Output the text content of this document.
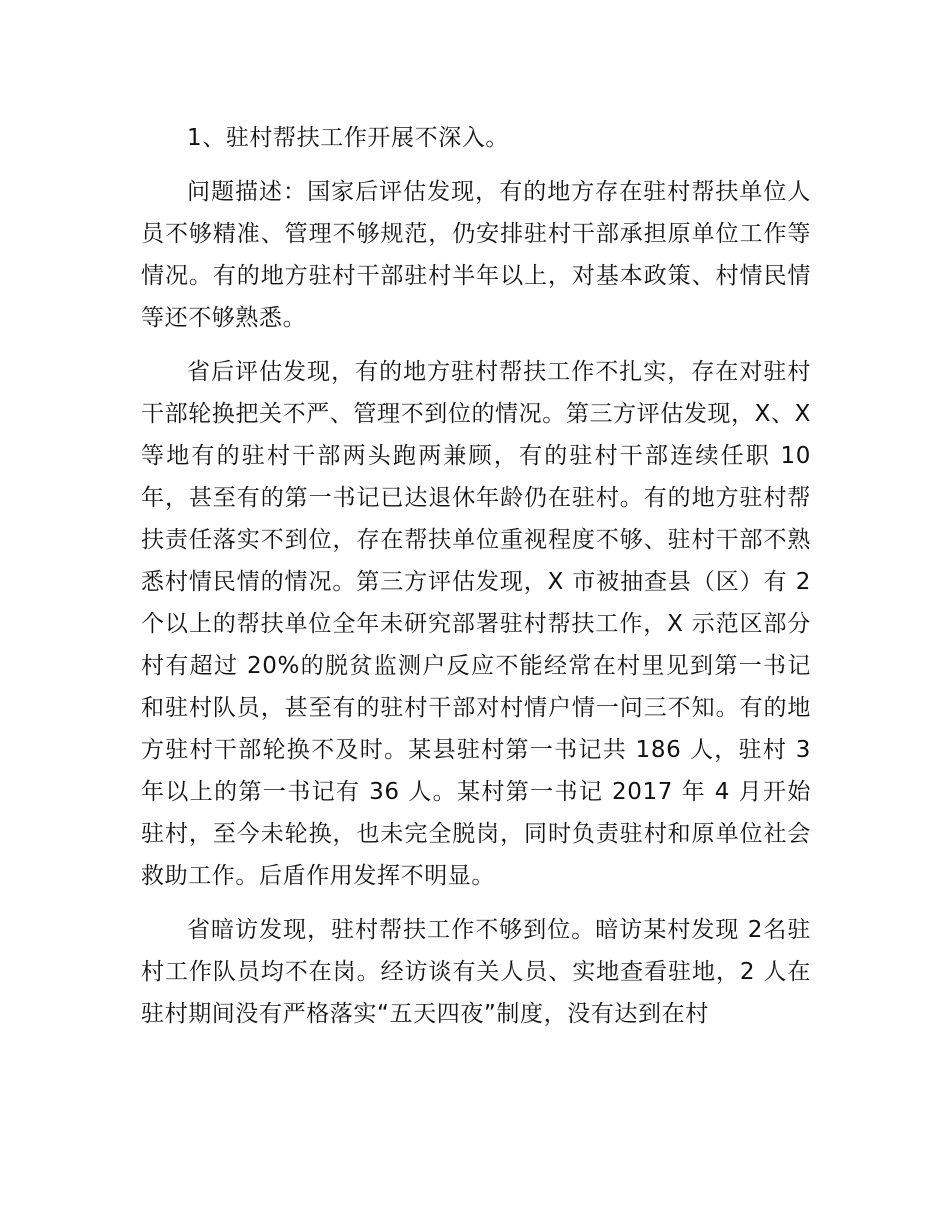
1、驻村帮扶工作开展不深入。

问题描述：国家后评估发现，有的地方存在驻村帮扶单位人员不够精准、管理不够规范，仍安排驻村干部承担原单位工作等情况。有的地方驻村干部驻村半年以上，对基本政策、村情民情等还不够熟悉。

省后评估发现，有的地方驻村帮扶工作不扎实，存在对驻村干部轮换把关不严、管理不到位的情况。第三方评估发现，X、X 等地有的驻村干部两头跑两兼顾，有的驻村干部连续任职 10 年，甚至有的第一书记已达退休年龄仍在驻村。有的地方驻村帮扶责任落实不到位，存在帮扶单位重视程度不够、驻村干部不熟悉村情民情的情况。第三方评估发现，X 市被抽查县（区）有 2 个以上的帮扶单位全年未研究部署驻村帮扶工作，X 示范区部分村有超过 20%的脱贫监测户反应不能经常在村里见到第一书记和驻村队员，甚至有的驻村干部对村情户情一问三不知。有的地方驻村干部轮换不及时。某县驻村第一书记共 186 人，驻村 3 年以上的第一书记有 36 人。某村第一书记 2017 年 4 月开始驻村，至今未轮换，也未完全脱岗，同时负责驻村和原单位社会救助工作。后盾作用发挥不明显。

省暗访发现，驻村帮扶工作不够到位。暗访某村发现 2名驻村工作队员均不在岗。经访谈有关人员、实地查看驻地，2 人在驻村期间没有严格落实“五天四夜”制度，没有达到在村
